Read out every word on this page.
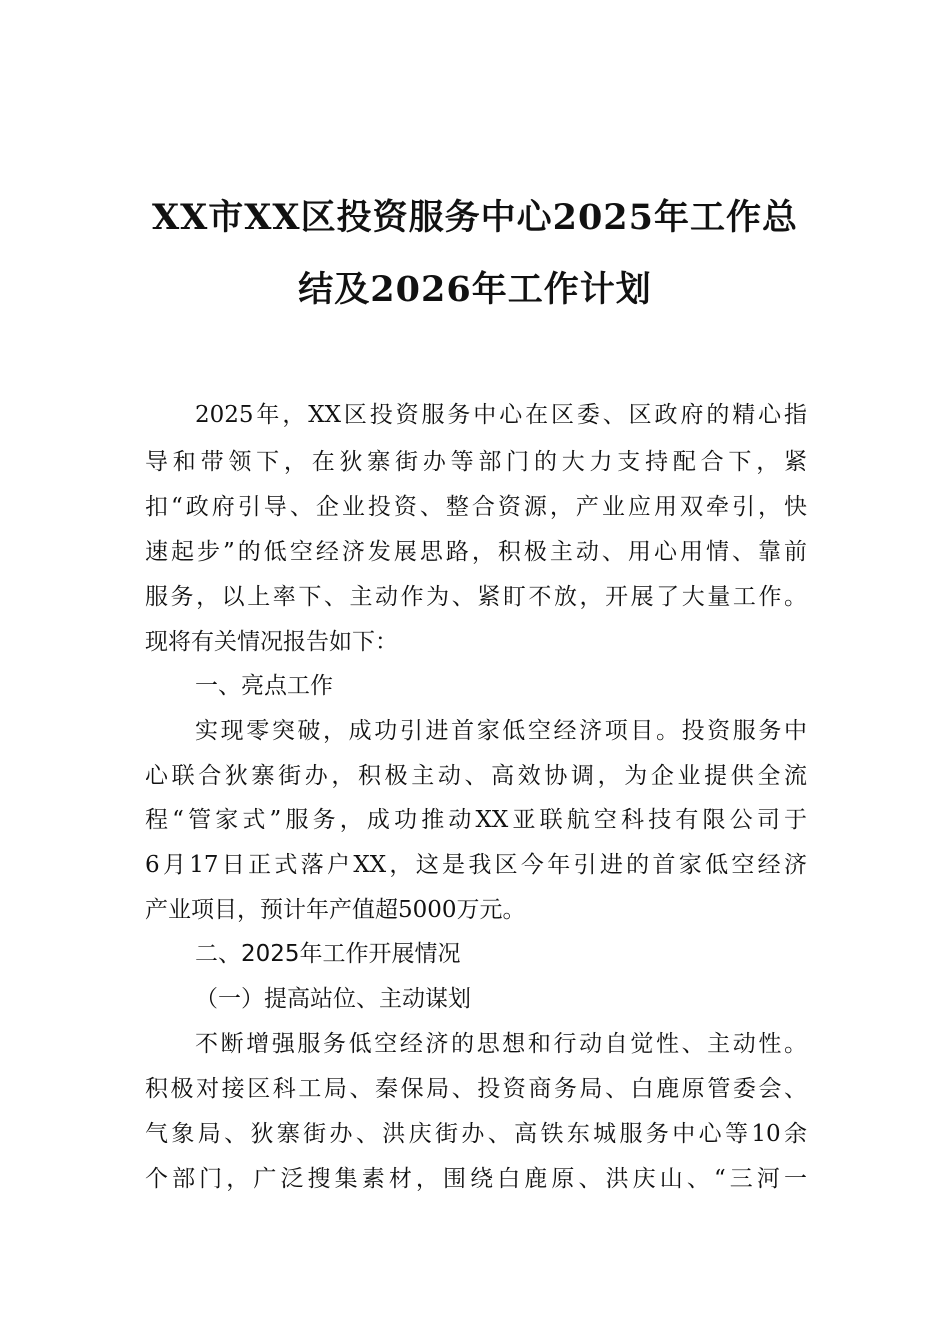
XX市XX区投资服务中心2025年工作总
结及2026年工作计划

2025年，XX区投资服务中心在区委、区政府的精心指

导和带领下，在狄寨街办等部门的大力支持配合下，紧

扣“政府引导、企业投资、整合资源，产业应用双牵引，快

速起步”的低空经济发展思路，积极主动、用心用情、靠前

服务，以上率下、主动作为、紧盯不放，开展了大量工作。

现将有关情况报告如下：

一、亮点工作

实现零突破，成功引进首家低空经济项目。投资服务中

心联合狄寨街办，积极主动、高效协调，为企业提供全流

程“管家式”服务，成功推动XX亚联航空科技有限公司于

6月17日正式落户XX，这是我区今年引进的首家低空经济

产业项目，预计年产值超5000万元。

二、2025年工作开展情况

（一）提高站位、主动谋划

不断增强服务低空经济的思想和行动自觉性、主动性。

积极对接区科工局、秦保局、投资商务局、白鹿原管委会、

气象局、狄寨街办、洪庆街办、高铁东城服务中心等10余

个部门，广泛搜集素材，围绕白鹿原、洪庆山、“三河一
